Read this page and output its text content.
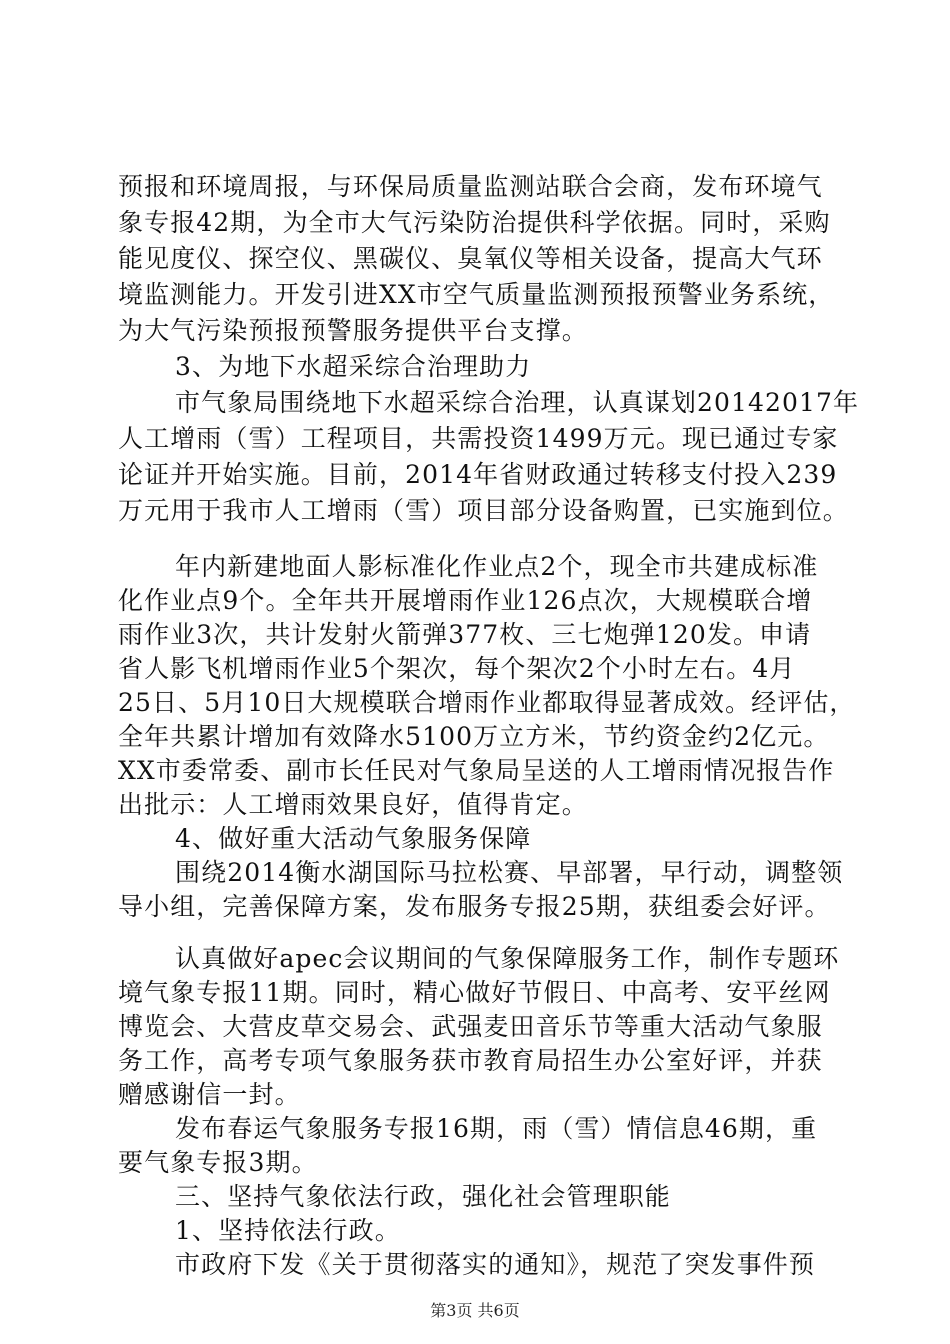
预报和环境周报，与环保局质量监测站联合会商，发布环境气
象专报42期，为全市大气污染防治提供科学依据。同时，采购
能见度仪、探空仪、黑碳仪、臭氧仪等相关设备，提高大气环
境监测能力。开发引进XX市空气质量监测预报预警业务系统，
为大气污染预报预警服务提供平台支撑。
3、为地下水超采综合治理助力
市气象局围绕地下水超采综合治理，认真谋划20142017年
人工增雨（雪）工程项目，共需投资1499万元。现已通过专家
论证并开始实施。目前，2014年省财政通过转移支付投入239
万元用于我市人工增雨（雪）项目部分设备购置，已实施到位。
年内新建地面人影标准化作业点2个，现全市共建成标准
化作业点9个。全年共开展增雨作业126点次，大规模联合增
雨作业3次，共计发射火箭弹377枚、三七炮弹120发。申请
省人影飞机增雨作业5个架次，每个架次2个小时左右。4月
25日、5月10日大规模联合增雨作业都取得显著成效。经评估，
全年共累计增加有效降水5100万立方米，节约资金约2亿元。
XX市委常委、副市长任民对气象局呈送的人工增雨情况报告作
出批示：人工增雨效果良好，值得肯定。
4、做好重大活动气象服务保障
围绕2014衡水湖国际马拉松赛、早部署，早行动，调整领
导小组，完善保障方案，发布服务专报25期，获组委会好评。
认真做好apec会议期间的气象保障服务工作，制作专题环
境气象专报11期。同时，精心做好节假日、中高考、安平丝网
博览会、大营皮草交易会、武强麦田音乐节等重大活动气象服
务工作，高考专项气象服务获市教育局招生办公室好评，并获
赠感谢信一封。
发布春运气象服务专报16期，雨（雪）情信息46期，重
要气象专报3期。
三、坚持气象依法行政，强化社会管理职能
1、坚持依法行政。
市政府下发《关于贯彻落实的通知》，规范了突发事件预
第3页 共6页
